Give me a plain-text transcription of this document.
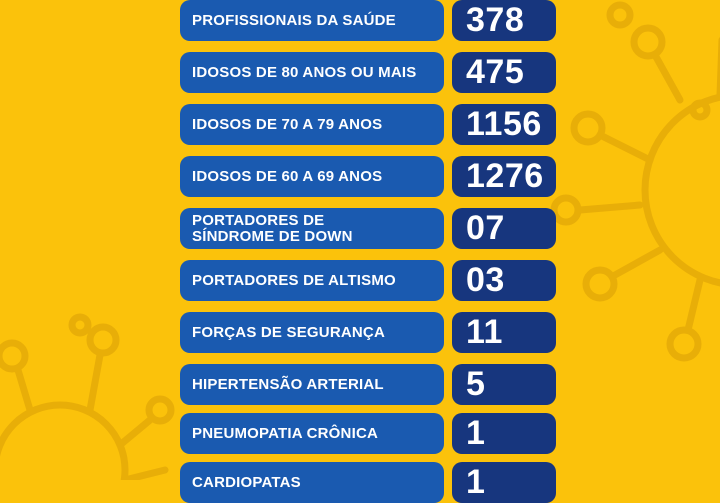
PROFISSIONAIS DA SAÚDE	378
IDOSOS DE 80 ANOS OU MAIS	475
IDOSOS DE 70 A 79 ANOS	1156
IDOSOS DE 60 A 69 ANOS	1276
PORTADORES DE SÍNDROME DE DOWN	07
PORTADORES DE ALTISMO	03
FORÇAS DE SEGURANÇA	11
HIPERTENSÃO ARTERIAL	5
PNEUMOPATIA CRÔNICA	1
CARDIOPATAS	1
